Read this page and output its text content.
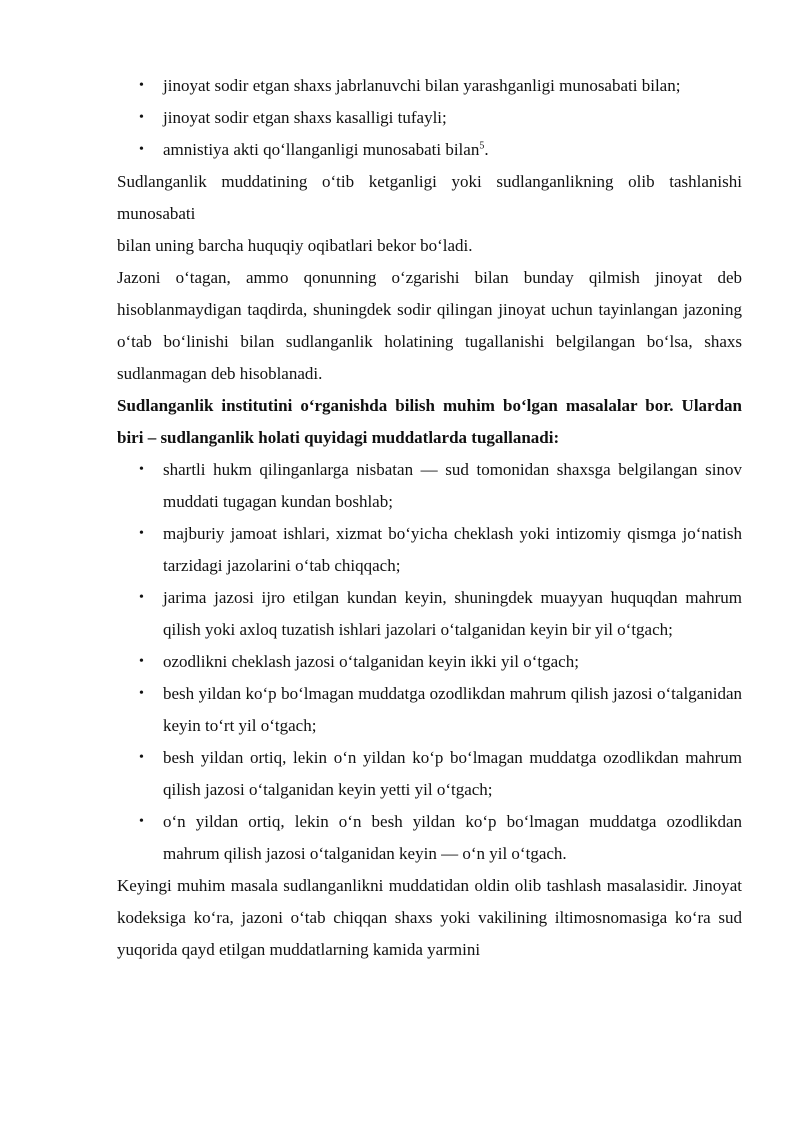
• jinoyat sodir etgan shaxs jabrlanuvchi bilan yarashganligi munosabati bilan;
• jinoyat sodir etgan shaxs kasalligi tufayli;
• amnistiya akti qo‘llanganligi munosabati bilan$^5$.

Sudlanganlik muddatining o‘tib ketganligi yoki sudlanganlikning olib tashlanishi munosabati
bilan uning barcha huquqiy oqibatlari bekor bo‘ladi.

Jazoni o‘tagan, ammo qonunning o‘zgarishi bilan bunday qilmish jinoyat deb hisoblanmaydigan taqdirda, shuningdek sodir qilingan jinoyat uchun tayinlangan jazoning o‘tab bo‘linishi bilan sudlanganlik holatining tugallanishi belgilangan bo‘lsa, shaxs sudlanmagan deb hisoblanadi.

Sudlanganlik institutini o‘rganishda bilish muhim bo‘lgan masalalar bor. Ulardan biri – sudlanganlik holati quyidagi muddatlarda tugallanadi:

• shartli hukm qilinganlarga nisbatan — sud tomonidan shaxsga belgilangan sinov muddati tugagan kundan boshlab;
• majburiy jamoat ishlari, xizmat bo‘yicha cheklash yoki intizomiy qismga jo‘natish tarzidagi jazolarini o‘tab chiqqach;
• jarima jazosi ijro etilgan kundan keyin, shuningdek muayyan huquqdan mahrum qilish yoki axloq tuzatish ishlari jazolari o‘talganidan keyin bir yil o‘tgach;
• ozodlikni cheklash jazosi o‘talganidan keyin ikki yil o‘tgach;
• besh yildan ko‘p bo‘lmagan muddatga ozodlikdan mahrum qilish jazosi o‘talganidan keyin to‘rt yil o‘tgach;
• besh yildan ortiq, lekin o‘n yildan ko‘p bo‘lmagan muddatga ozodlikdan mahrum qilish jazosi o‘talganidan keyin yetti yil o‘tgach;
• o‘n yildan ortiq, lekin o‘n besh yildan ko‘p bo‘lmagan muddatga ozodlikdan mahrum qilish jazosi o‘talganidan keyin — o‘n yil o‘tgach.

Keyingi muhim masala sudlanganlikni muddatidan oldin olib tashlash masalasidir. Jinoyat kodeksiga ko‘ra, jazoni o‘tab chiqqan shaxs yoki vakilining iltimosnomasiga ko‘ra sud yuqorida qayd etilgan muddatlarning kamida yarmini
